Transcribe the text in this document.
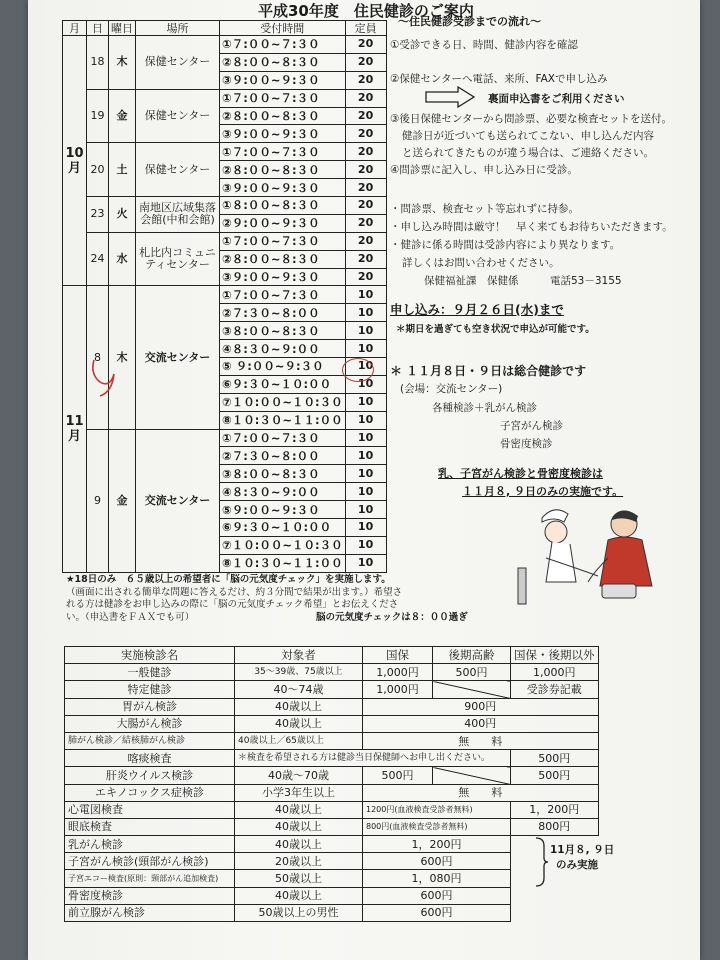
平成30年度　住民健診のご案内
月	日	曜日	場所	受付時間	定員
10月	18	木	保健センター	①７:００~７:３０	20
				②８:００~８:３０	20
				③９:００~９:３０	20
	19	金	保健センター	①７:００~７:３０	20
				②８:００~８:３０	20
				③９:００~９:３０	20
	20	土	保健センター	①７:００~７:３０	20
				②８:００~８:３０	20
				③９:００~９:３０	20
	23	火	南地区広域集落会館(中和会館)	①８:００~８:３０	20
				②９:００~９:３０	20
	24	水	札比内コミュニティセンター	①７:００~７:３０	20
				②８:００~８:３０	20
				③９:００~９:３０	20
11月	8	木	交流センター	①７:００~７:３０	10
				②７:３０~８:００	10
				③８:００~８:３０	10
				④８:３０~９:００	10
				⑤ ９:００~９:３０	10
				⑥９:３０~１０:００	10
				⑦１０:００~１０:３０	10
				⑧１０:３０~１１:００	10
	9	金	交流センター	①７:００~７:３０	10
				②７:３０~８:００	10
				③８:００~８:３０	10
				④８:３０~９:００	10
				⑤９:００~９:３０	10
				⑥９:３０~１０:００	10
				⑦１０:００~１０:３０	10
				⑧１０:３０~１１:００	10
～住民健診受診までの流れ～
①受診できる日、時間、健診内容を確認
②保健センターへ電話、来所、FAXで申し込み
裏面申込書をご利用ください
③後日保健センターから問診票、必要な検査セットを送付。
健診日が近づいても送られてこない、申し込んだ内容
と送られてきたものが違う場合は、ご連絡ください。
④問診票に記入し、申し込み日に受診。
・問診票、検査セット等忘れずに持参。
・申し込み時間は厳守！　早く来てもお待ちいただきます。
・健診に係る時間は受診内容により異なります。
詳しくはお問い合わせください。
保健福祉課　保健係	電話53－3155
申し込み：９月２６日(水)まで
＊期日を過ぎても空き状況で申込が可能です。
＊ １１月８日・９日は総合健診です
(会場：交流センター)
各種検診＋乳がん検診
子宮がん検診
骨密度検診
乳、子宮がん検診と骨密度検診は
１１月８, ９日のみの実施です。
★18日のみ　６５歳以上の希望者に「脳の元気度チェック」を実施します。
（画面に出される簡単な問題に答えるだけ、約３分間で結果が出ます。）希望さ
れる方は健診をお申し込みの際に「脳の元気度チェック希望」とお伝えくださ
い。（申込書をＦＡＸでも可）	脳の元気度チェックは８：００過ぎ
実施検診名	対象者	国保	後期高齢	国保・後期以外
一般健診	35～39歳、75歳以上	1,000円	500円	1,000円
特定健診	40～74歳	1,000円		受診券記載
胃がん検診	40歳以上	900円		
大腸がん検診	40歳以上	400円		
肺がん検診／結核肺がん検診	40歳以上／65歳以上	無　　料		
喀痰検査	＊検査を希望される方は健診当日保健師へお申し出ください。			500円
肝炎ウイルス検診	40歳～70歳	500円		500円
エキノコックス症検診	小学3年生以上	無　　料		
心電図検査	40歳以上	1200円(血液検査受診者無料)		1，200円
眼底検査	40歳以上	800円(血液検査受診者無料)		800円
乳がん検診	40歳以上	1，200円		
子宮がん検診(頸部がん検診)	20歳以上	600円		
子宮エコー検査(原則：頸部がん追加検査)	50歳以上	1，080円		
骨密度検診	40歳以上	600円		
前立腺がん検診	50歳以上の男性	600円		
11月８, ９日
のみ実施
